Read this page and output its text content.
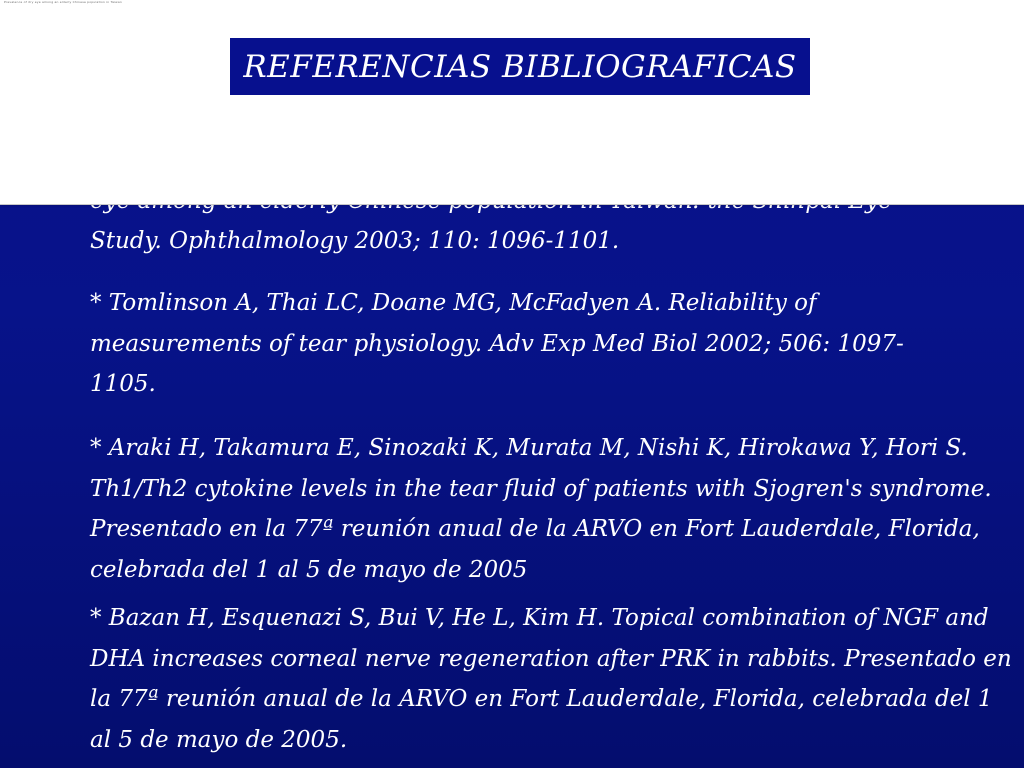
Study. Ophthalmology 2003; 110: 1096-1101.
Prevalence of dry eye among an elderly Chinese population in Taiwan
REFERENCIAS BIBLIOGRAFICAS
* Tomlinson A, Thai LC, Doane MG, McFadyen A. Reliability of measurements of tear physiology. Adv Exp Med Biol 2002; 506: 1097-1105.
* Araki H, Takamura E, Sinozaki K, Murata M, Nishi K, Hirokawa Y, Hori S. Th1/Th2 cytokine levels in the tear fluid of patients with Sjogren's syndrome. Presentado en la 77ª reunión anual de la ARVO en Fort Lauderdale, Florida, celebrada del 1 al 5 de mayo de 2005
* Bazan H, Esquenazi S, Bui V, He L, Kim H. Topical combination of NGF and DHA increases corneal nerve regeneration after PRK in rabbits. Presentado en la 77ª reunión anual de la ARVO en Fort Lauderdale, Florida, celebrada del 1 al 5 de mayo de 2005.
